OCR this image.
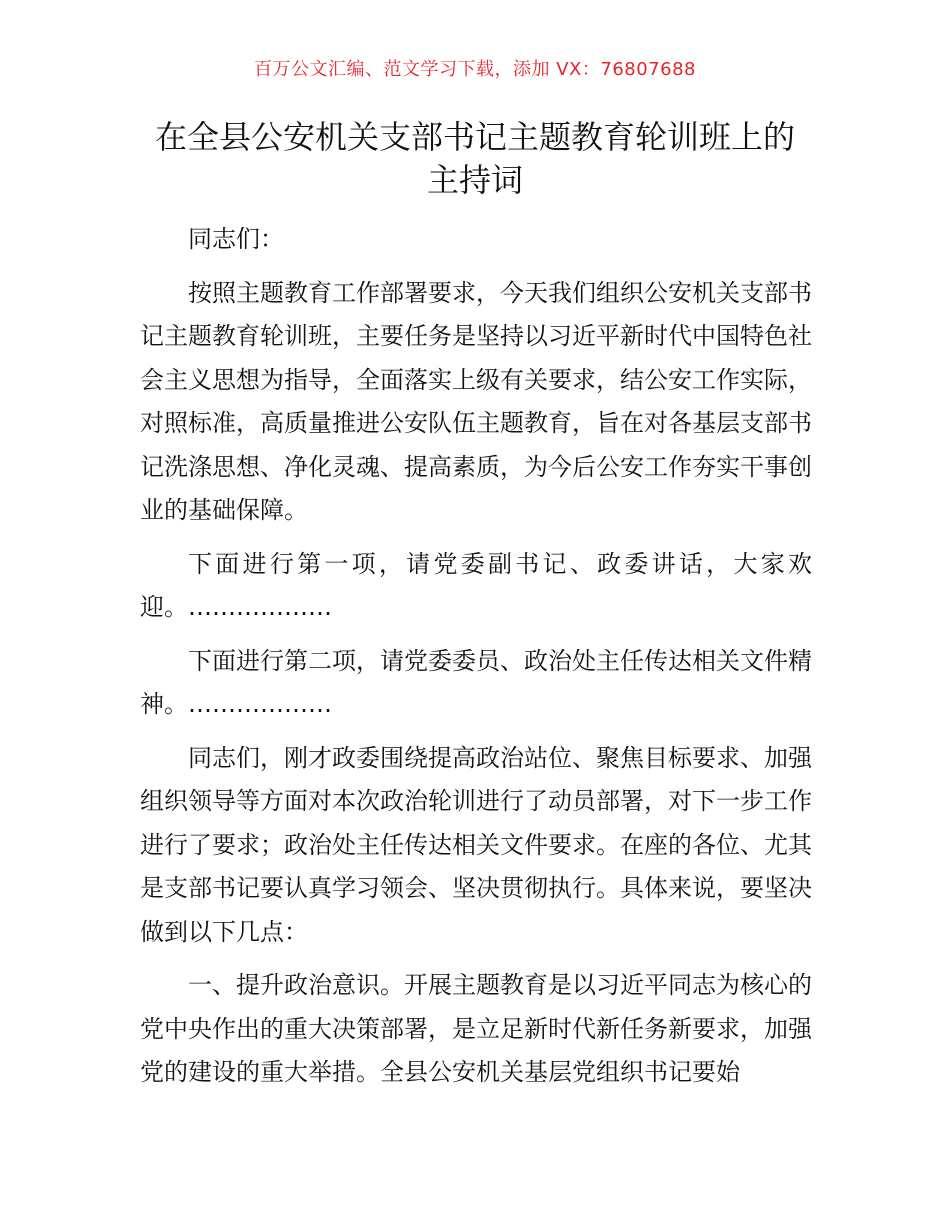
百万公文汇编、范文学习下载，添加 VX：76807688
在全县公安机关支部书记主题教育轮训班上的
主持词

同志们：

按照主题教育工作部署要求，今天我们组织公安机关支部书记主题教育轮训班，主要任务是坚持以习近平新时代中国特色社会主义思想为指导，全面落实上级有关要求，结公安工作实际，对照标准，高质量推进公安队伍主题教育，旨在对各基层支部书记洗涤思想、净化灵魂、提高素质，为今后公安工作夯实干事创业的基础保障。

下面进行第一项，请党委副书记、政委讲话，大家欢迎。………………

下面进行第二项，请党委委员、政治处主任传达相关文件精神。………………

同志们，刚才政委围绕提高政治站位、聚焦目标要求、加强组织领导等方面对本次政治轮训进行了动员部署，对下一步工作进行了要求；政治处主任传达相关文件要求。在座的各位、尤其是支部书记要认真学习领会、坚决贯彻执行。具体来说，要坚决做到以下几点：

一、提升政治意识。开展主题教育是以习近平同志为核心的党中央作出的重大决策部署，是立足新时代新任务新要求，加强党的建设的重大举措。全县公安机关基层党组织书记要始
